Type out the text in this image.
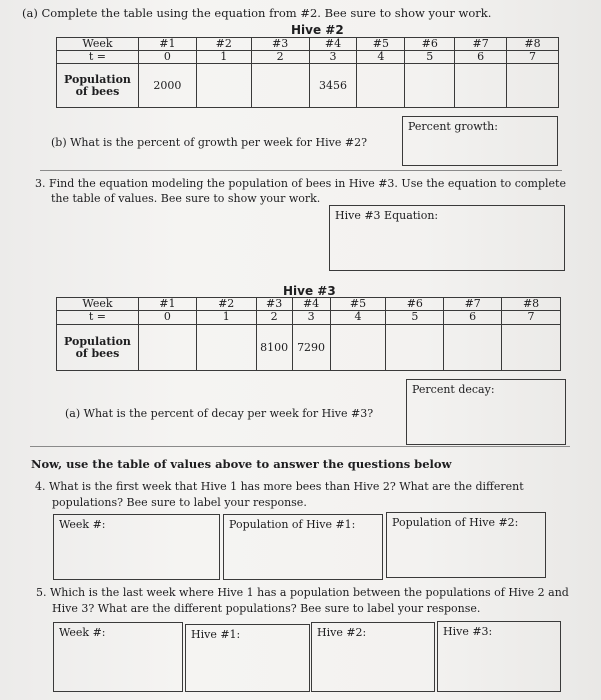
(a) Complete the table using the equation from #2. Bee sure to show your work.
Hive #2
Week	#1	#2	#3	#4	#5	#6	#7	#8
t =	0	1	2	3	4	5	6	7

Population
of bees	2000			3456				
(b) What is the percent of growth per week for Hive #2?
Percent growth:
3. Find the equation modeling the population of bees in Hive #3. Use the equation to complete
the table of values. Bee sure to show your work.
Hive #3 Equation:
Hive #3
Week	#1	#2	#3	#4	#5	#6	#7	#8
t =	0	1	2	3	4	5	6	7

Population
of bees			8100	7290				
Percent decay:
(a) What is the percent of decay per week for Hive #3?
Now, use the table of values above to answer the questions below
4. What is the first week that Hive 1 has more bees than Hive 2? What are the different
populations? Bee sure to label your response.
Week #:	Population of Hive #1:	Population of Hive #2:
5. Which is the last week where Hive 1 has a population between the populations of Hive 2 and
Hive 3? What are the different populations? Bee sure to label your response.
Week #:	Hive #1:	Hive #2:	Hive #3:
